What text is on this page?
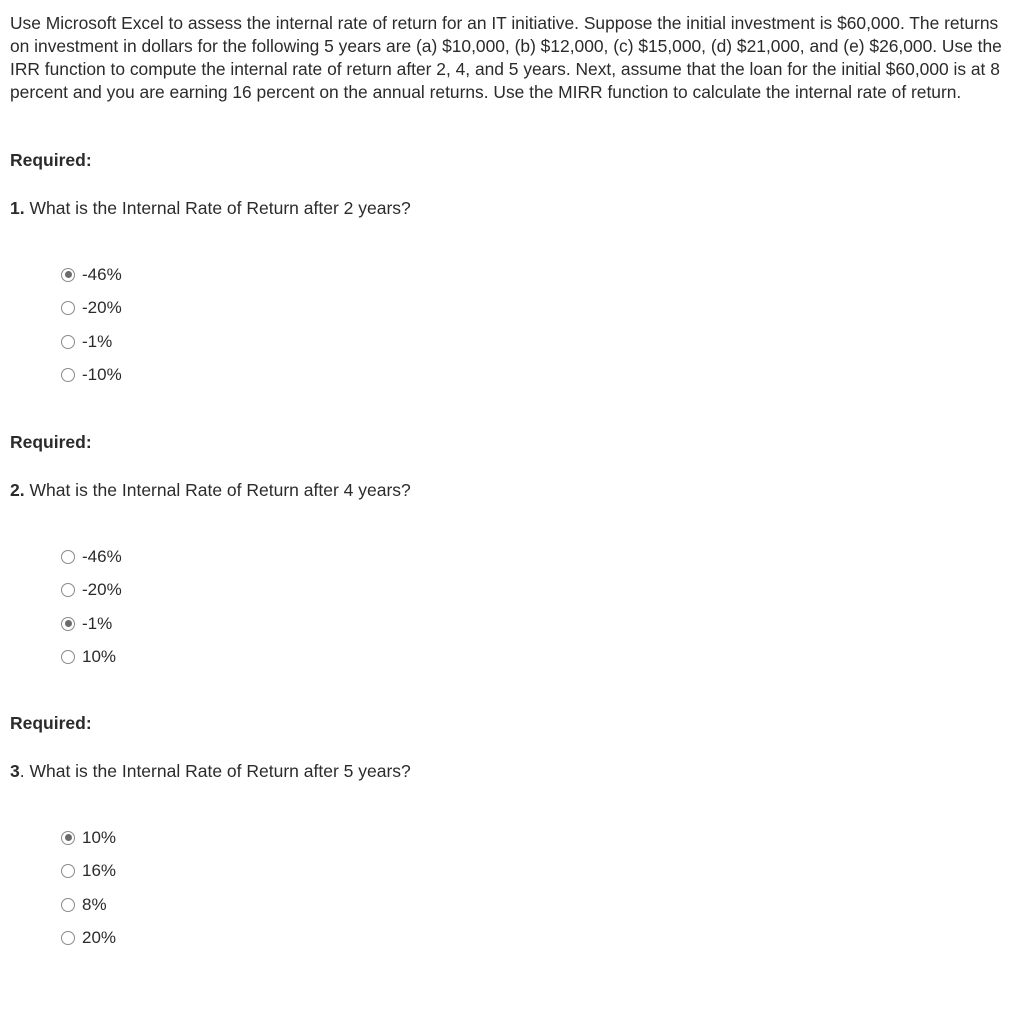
Use Microsoft Excel to assess the internal rate of return for an IT initiative. Suppose the initial investment is $60,000. The returns on investment in dollars for the following 5 years are (a) $10,000, (b) $12,000, (c) $15,000, (d) $21,000, and (e) $26,000. Use the IRR function to compute the internal rate of return after 2, 4, and 5 years. Next, assume that the loan for the initial $60,000 is at 8 percent and you are earning 16 percent on the annual returns. Use the MIRR function to calculate the internal rate of return.

Required:

1. What is the Internal Rate of Return after 2 years?

-46%
-20%
-1%
-10%

Required:

2. What is the Internal Rate of Return after 4 years?

-46%
-20%
-1%
10%

Required:

3. What is the Internal Rate of Return after 5 years?

10%
16%
8%
20%
